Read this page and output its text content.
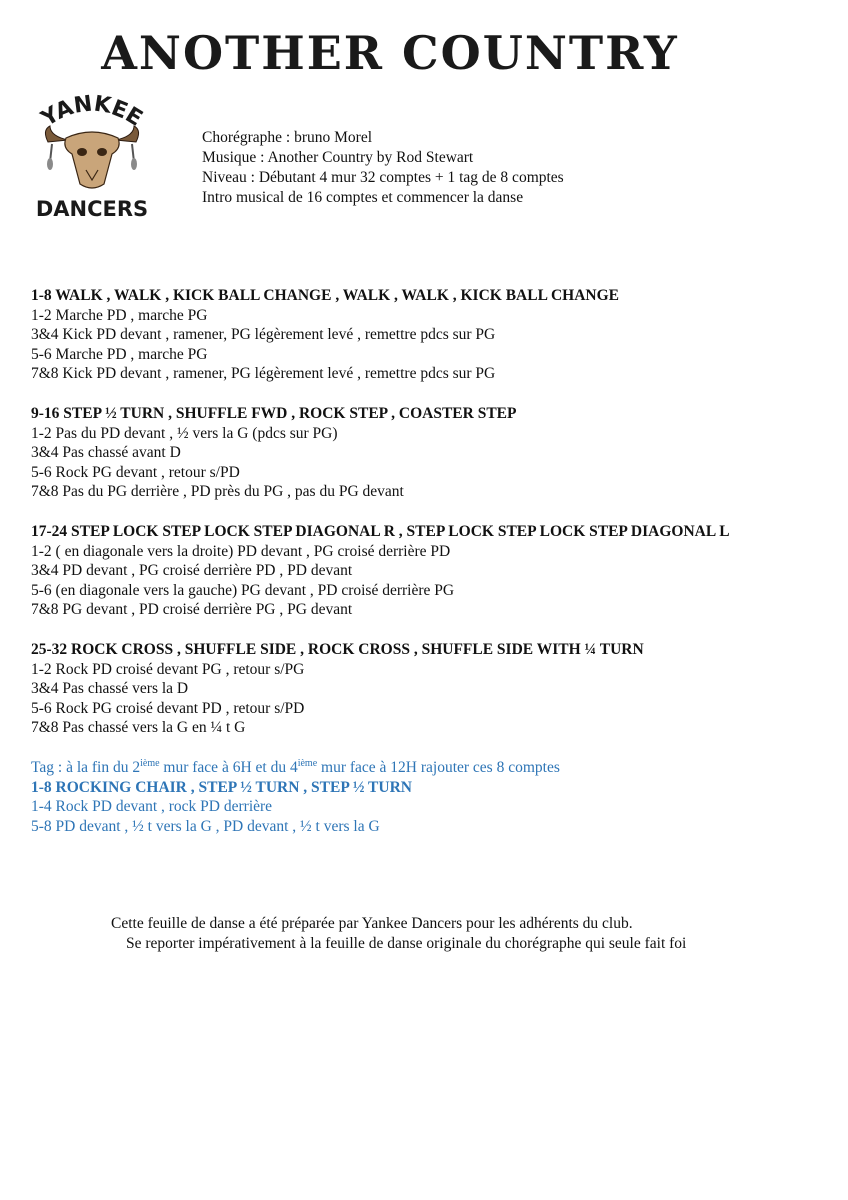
ANOTHER COUNTRY
YANKEE
DANCERS
Chorégraphe : bruno Morel
Musique : Another Country by Rod Stewart
Niveau : Débutant 4 mur 32 comptes + 1 tag de 8 comptes
Intro musical de 16 comptes et commencer la danse
1-8 WALK , WALK , KICK BALL CHANGE , WALK , WALK , KICK BALL CHANGE
1-2 Marche PD , marche PG
3&4 Kick PD devant , ramener, PG légèrement levé , remettre pdcs sur PG
5-6 Marche PD , marche PG
7&8 Kick PD devant , ramener, PG légèrement levé , remettre pdcs sur PG
9-16 STEP ½ TURN , SHUFFLE FWD , ROCK STEP , COASTER STEP
1-2 Pas du PD devant , ½ vers la G (pdcs sur PG)
3&4 Pas chassé avant D
5-6 Rock PG devant , retour s/PD
7&8 Pas du PG derrière , PD près du PG , pas du PG devant
17-24 STEP LOCK STEP LOCK STEP DIAGONAL R , STEP LOCK STEP LOCK STEP DIAGONAL L
1-2 ( en diagonale vers la droite) PD devant , PG croisé derrière PD
3&4 PD devant , PG croisé derrière PD , PD devant
5-6 (en diagonale vers la gauche) PG devant , PD croisé derrière PG
7&8 PG devant , PD croisé derrière PG , PG devant
25-32 ROCK CROSS , SHUFFLE SIDE , ROCK CROSS , SHUFFLE SIDE WITH ¼ TURN
1-2 Rock PD croisé devant PG , retour s/PG
3&4 Pas chassé vers la D
5-6 Rock PG croisé devant PD , retour s/PD
7&8 Pas chassé vers la G en ¼ t G
Tag : à la fin du 2ième mur face à 6H et du 4ième mur face à 12H rajouter ces 8 comptes
1-8 ROCKING CHAIR , STEP ½ TURN , STEP ½ TURN
1-4 Rock PD devant , rock PD derrière
5-8 PD devant , ½ t vers la G , PD devant , ½ t vers la G
Cette feuille de danse a été préparée par Yankee Dancers pour les adhérents du club.
Se reporter impérativement à la feuille de danse originale du chorégraphe qui seule fait foi
